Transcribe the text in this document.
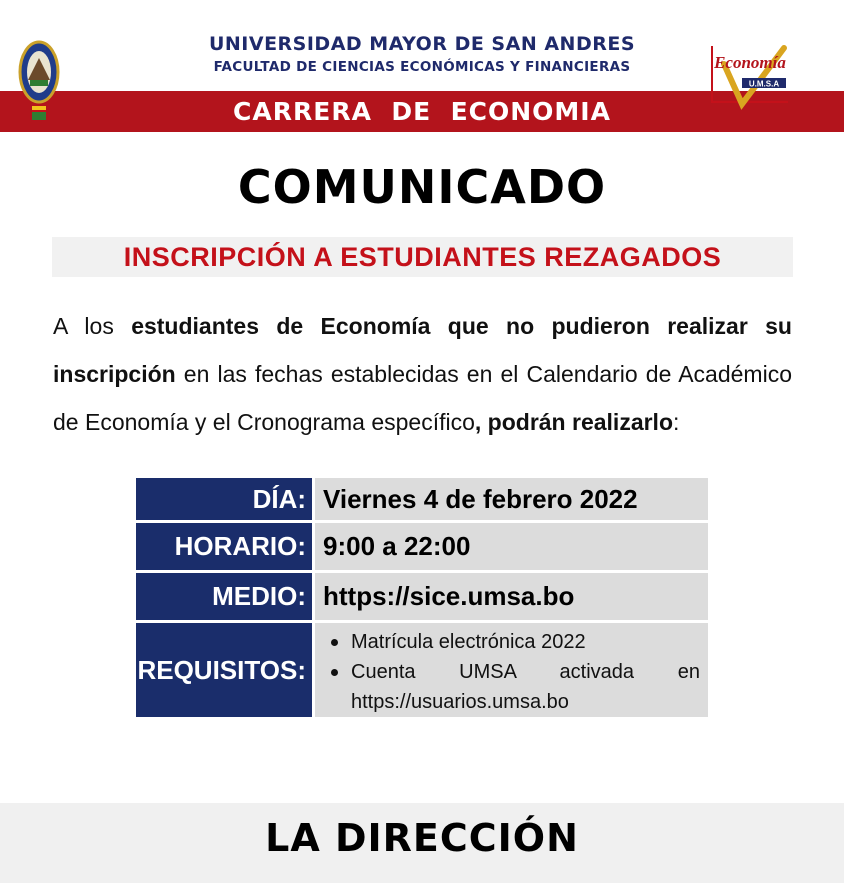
CARRERA  DE  ECONOMIA
UNIVERSIDAD MAYOR DE SAN ANDRES
FACULTAD DE CIENCIAS ECONÓMICAS Y FINANCIERAS	Economía
U.M.S.A
COMUNICADO
INSCRIPCIÓN A ESTUDIANTES REZAGADOS
A los estudiantes de Economía que no pudieron realizar su inscripción en las fechas establecidas en el Calendario de Académico de Economía y el Cronograma específico, podrán realizarlo:
DÍA: Viernes 4 de febrero 2022
HORARIO: 9:00 a 22:00
MEDIO: https://sice.umsa.bo
REQUISITOS:
Matrícula electrónica 2022
Cuenta UMSA activada en
https://usuarios.umsa.bo
LA DIRECCIÓN
